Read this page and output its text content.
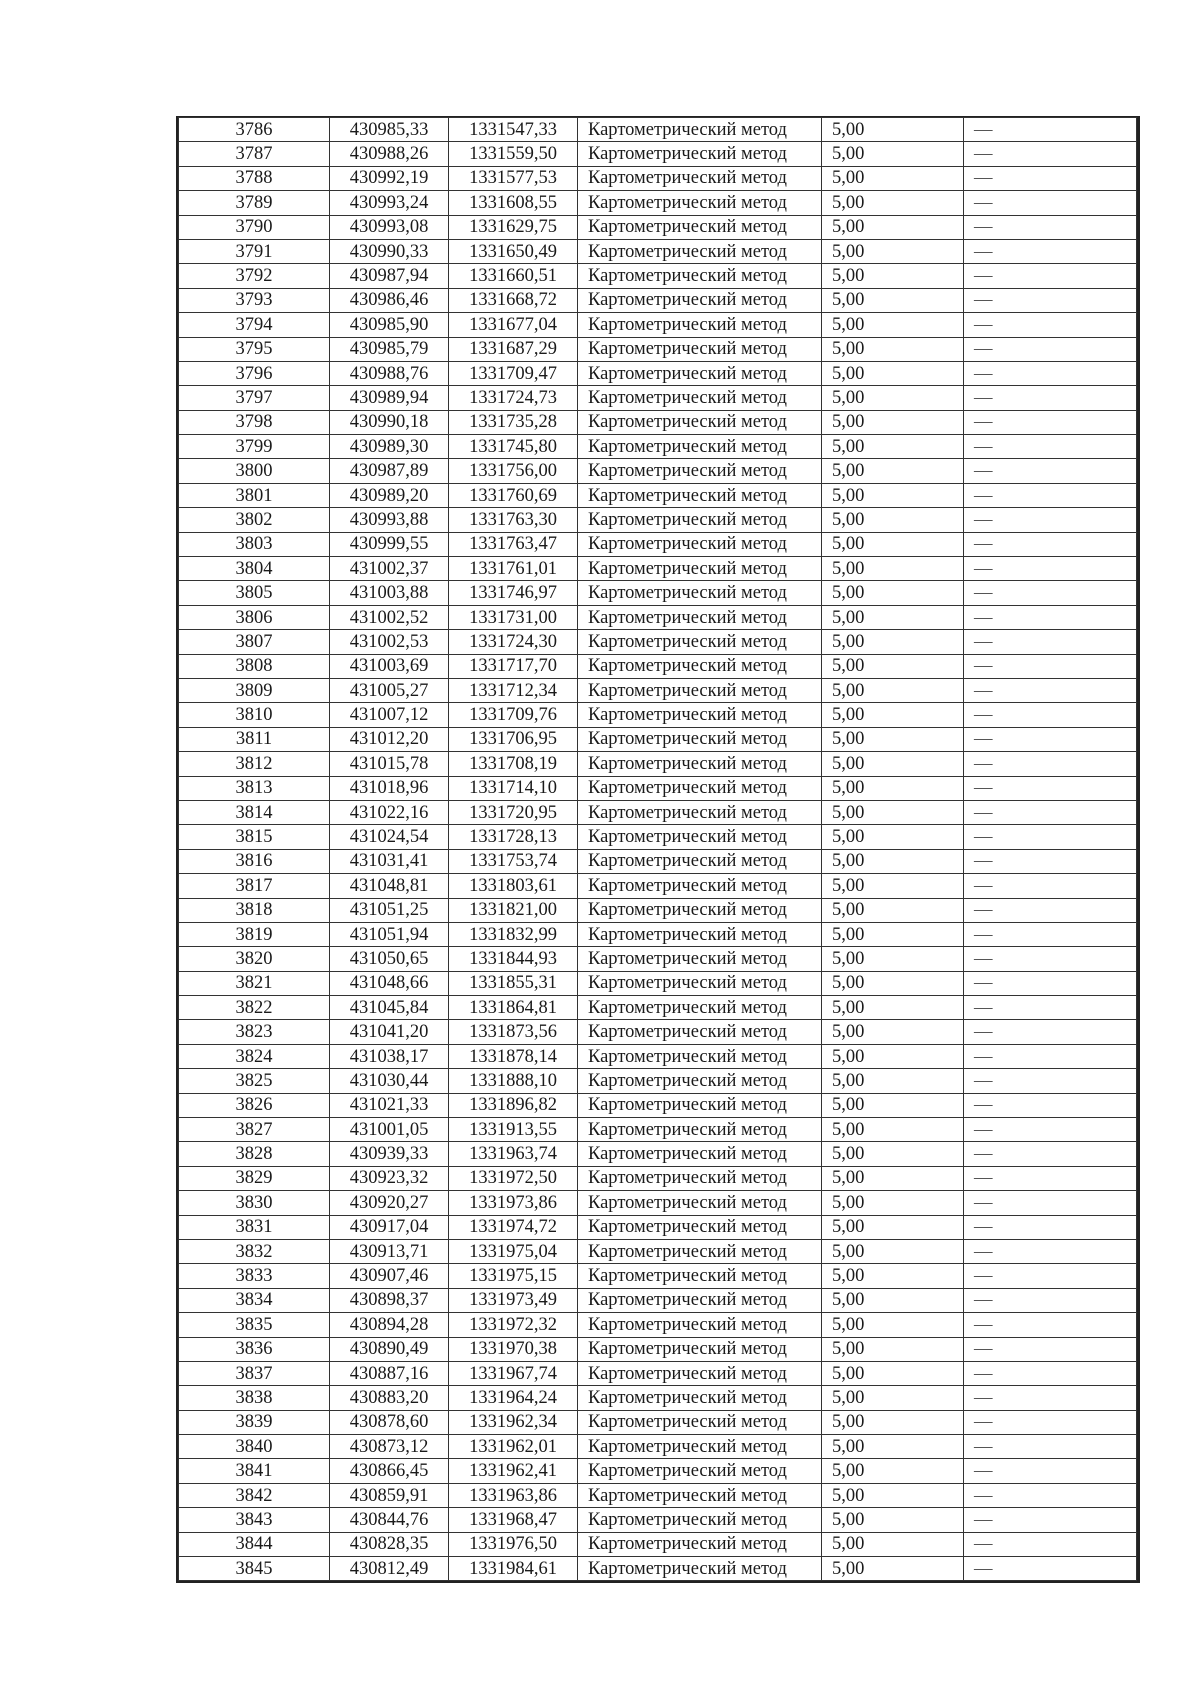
3786	430985,33	1331547,33	Картометрический метод	5,00	—
3787	430988,26	1331559,50	Картометрический метод	5,00	—
3788	430992,19	1331577,53	Картометрический метод	5,00	—
3789	430993,24	1331608,55	Картометрический метод	5,00	—
3790	430993,08	1331629,75	Картометрический метод	5,00	—
3791	430990,33	1331650,49	Картометрический метод	5,00	—
3792	430987,94	1331660,51	Картометрический метод	5,00	—
3793	430986,46	1331668,72	Картометрический метод	5,00	—
3794	430985,90	1331677,04	Картометрический метод	5,00	—
3795	430985,79	1331687,29	Картометрический метод	5,00	—
3796	430988,76	1331709,47	Картометрический метод	5,00	—
3797	430989,94	1331724,73	Картометрический метод	5,00	—
3798	430990,18	1331735,28	Картометрический метод	5,00	—
3799	430989,30	1331745,80	Картометрический метод	5,00	—
3800	430987,89	1331756,00	Картометрический метод	5,00	—
3801	430989,20	1331760,69	Картометрический метод	5,00	—
3802	430993,88	1331763,30	Картометрический метод	5,00	—
3803	430999,55	1331763,47	Картометрический метод	5,00	—
3804	431002,37	1331761,01	Картометрический метод	5,00	—
3805	431003,88	1331746,97	Картометрический метод	5,00	—
3806	431002,52	1331731,00	Картометрический метод	5,00	—
3807	431002,53	1331724,30	Картометрический метод	5,00	—
3808	431003,69	1331717,70	Картометрический метод	5,00	—
3809	431005,27	1331712,34	Картометрический метод	5,00	—
3810	431007,12	1331709,76	Картометрический метод	5,00	—
3811	431012,20	1331706,95	Картометрический метод	5,00	—
3812	431015,78	1331708,19	Картометрический метод	5,00	—
3813	431018,96	1331714,10	Картометрический метод	5,00	—
3814	431022,16	1331720,95	Картометрический метод	5,00	—
3815	431024,54	1331728,13	Картометрический метод	5,00	—
3816	431031,41	1331753,74	Картометрический метод	5,00	—
3817	431048,81	1331803,61	Картометрический метод	5,00	—
3818	431051,25	1331821,00	Картометрический метод	5,00	—
3819	431051,94	1331832,99	Картометрический метод	5,00	—
3820	431050,65	1331844,93	Картометрический метод	5,00	—
3821	431048,66	1331855,31	Картометрический метод	5,00	—
3822	431045,84	1331864,81	Картометрический метод	5,00	—
3823	431041,20	1331873,56	Картометрический метод	5,00	—
3824	431038,17	1331878,14	Картометрический метод	5,00	—
3825	431030,44	1331888,10	Картометрический метод	5,00	—
3826	431021,33	1331896,82	Картометрический метод	5,00	—
3827	431001,05	1331913,55	Картометрический метод	5,00	—
3828	430939,33	1331963,74	Картометрический метод	5,00	—
3829	430923,32	1331972,50	Картометрический метод	5,00	—
3830	430920,27	1331973,86	Картометрический метод	5,00	—
3831	430917,04	1331974,72	Картометрический метод	5,00	—
3832	430913,71	1331975,04	Картометрический метод	5,00	—
3833	430907,46	1331975,15	Картометрический метод	5,00	—
3834	430898,37	1331973,49	Картометрический метод	5,00	—
3835	430894,28	1331972,32	Картометрический метод	5,00	—
3836	430890,49	1331970,38	Картометрический метод	5,00	—
3837	430887,16	1331967,74	Картометрический метод	5,00	—
3838	430883,20	1331964,24	Картометрический метод	5,00	—
3839	430878,60	1331962,34	Картометрический метод	5,00	—
3840	430873,12	1331962,01	Картометрический метод	5,00	—
3841	430866,45	1331962,41	Картометрический метод	5,00	—
3842	430859,91	1331963,86	Картометрический метод	5,00	—
3843	430844,76	1331968,47	Картометрический метод	5,00	—
3844	430828,35	1331976,50	Картометрический метод	5,00	—
3845	430812,49	1331984,61	Картометрический метод	5,00	—
